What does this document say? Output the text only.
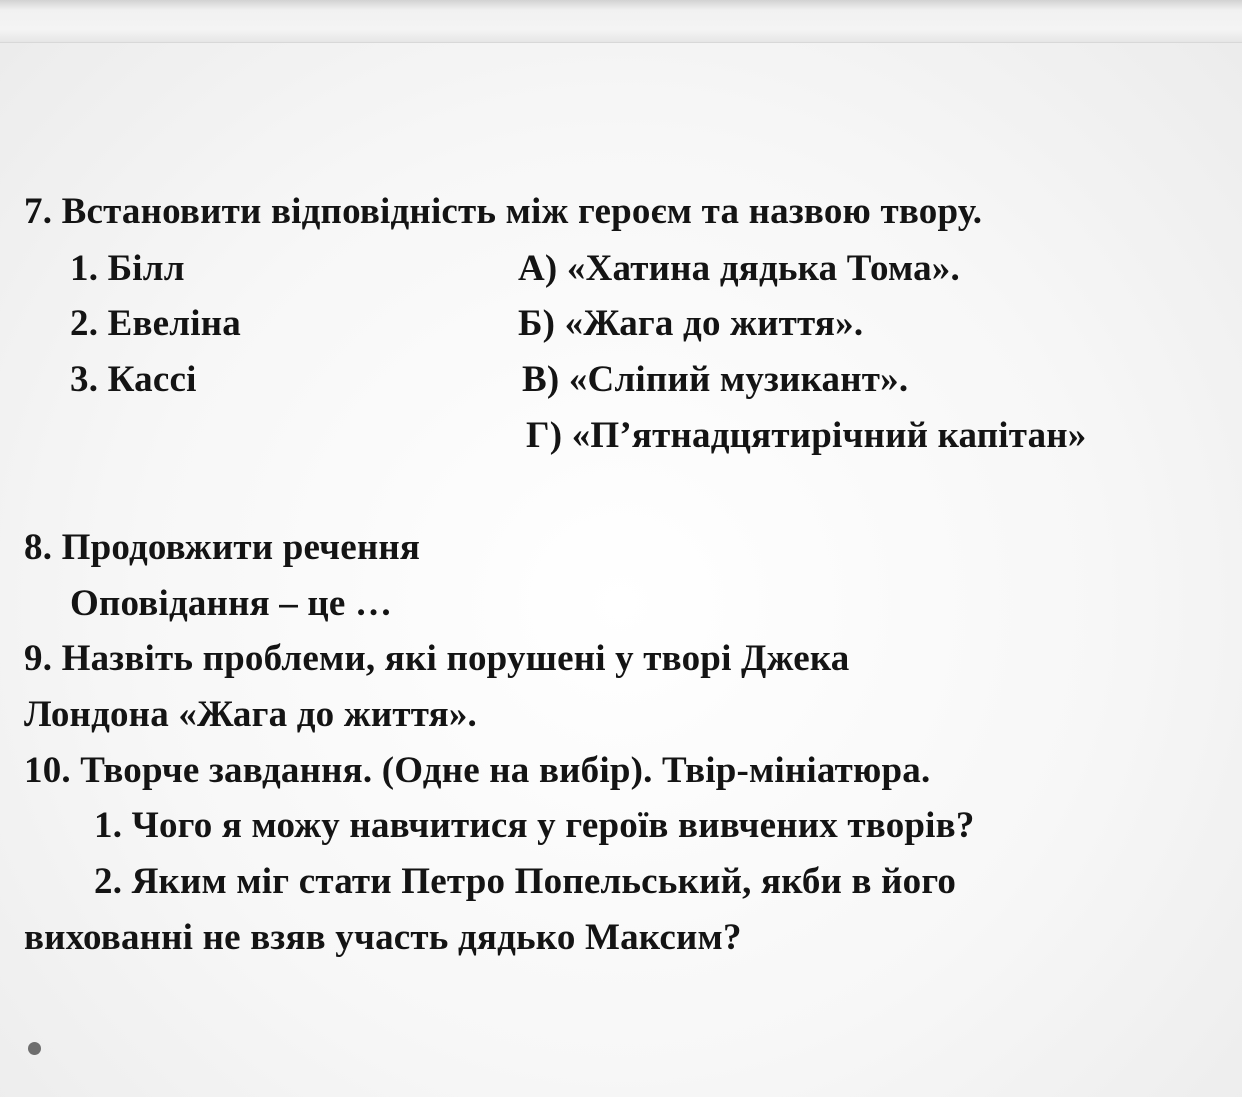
7. Встановити відповідність між героєм та назвою твору.
1. Білл
2. Евеліна
3. Кассі
А) «Хатина дядька Тома».
Б) «Жага до життя».
В) «Сліпий музикант».
Г) «П’ятнадцятирічний капітан»
8. Продовжити речення
Оповідання – це …
9. Назвіть проблеми, які порушені у творі Джека
Лондона «Жага до життя».
10. Творче завдання. (Одне на вибір). Твір-мініатюра.
1. Чого я можу навчитися у героїв вивчених творів?
2. Яким міг стати Петро Попельський, якби в його
вихованні не взяв участь дядько Максим?
